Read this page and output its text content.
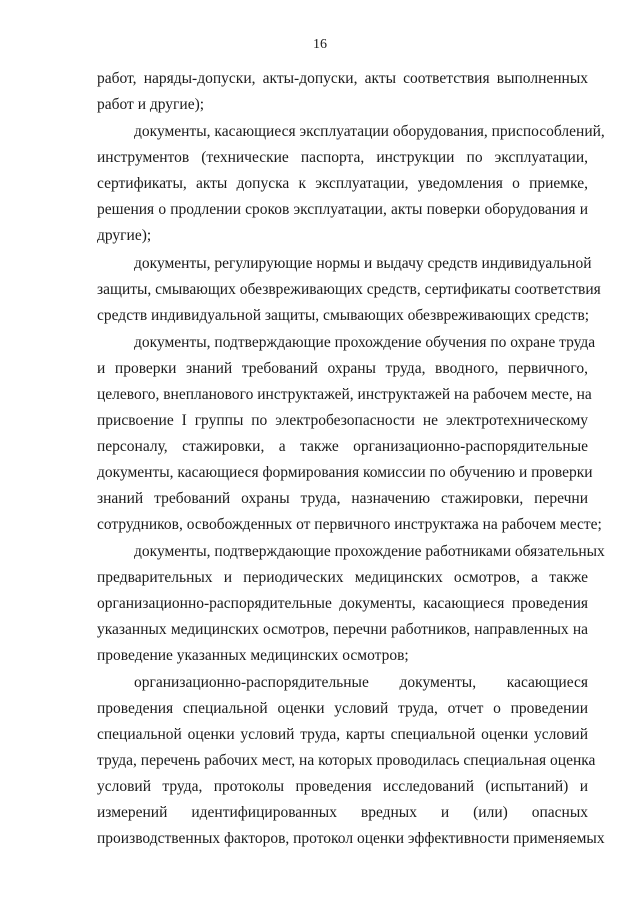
16
работ, наряды-допуски, акты-допуски, акты соответствия выполненных
работ и другие);
документы, касающиеся эксплуатации оборудования, приспособлений,
инструментов (технические паспорта, инструкции по эксплуатации,
сертификаты, акты допуска к эксплуатации, уведомления о приемке,
решения о продлении сроков эксплуатации, акты поверки оборудования и
другие);
документы, регулирующие нормы и выдачу средств индивидуальной
защиты, смывающих обезвреживающих средств, сертификаты соответствия
средств индивидуальной защиты, смывающих обезвреживающих средств;
документы, подтверждающие прохождение обучения по охране труда
и проверки знаний требований охраны труда, вводного, первичного,
целевого, внепланового инструктажей, инструктажей на рабочем месте, на
присвоение I группы по электробезопасности не электротехническому
персоналу, стажировки, а также организационно-распорядительные
документы, касающиеся формирования комиссии по обучению и проверки
знаний требований охраны труда, назначению стажировки, перечни
сотрудников, освобожденных от первичного инструктажа на рабочем месте;
документы, подтверждающие прохождение работниками обязательных
предварительных и периодических медицинских осмотров, а также
организационно-распорядительные документы, касающиеся проведения
указанных медицинских осмотров, перечни работников, направленных на
проведение указанных медицинских осмотров;
организационно-распорядительные документы, касающиеся
проведения специальной оценки условий труда, отчет о проведении
специальной оценки условий труда, карты специальной оценки условий
труда, перечень рабочих мест, на которых проводилась специальная оценка
условий труда, протоколы проведения исследований (испытаний) и
измерений идентифицированных вредных и (или) опасных
производственных факторов, протокол оценки эффективности применяемых
